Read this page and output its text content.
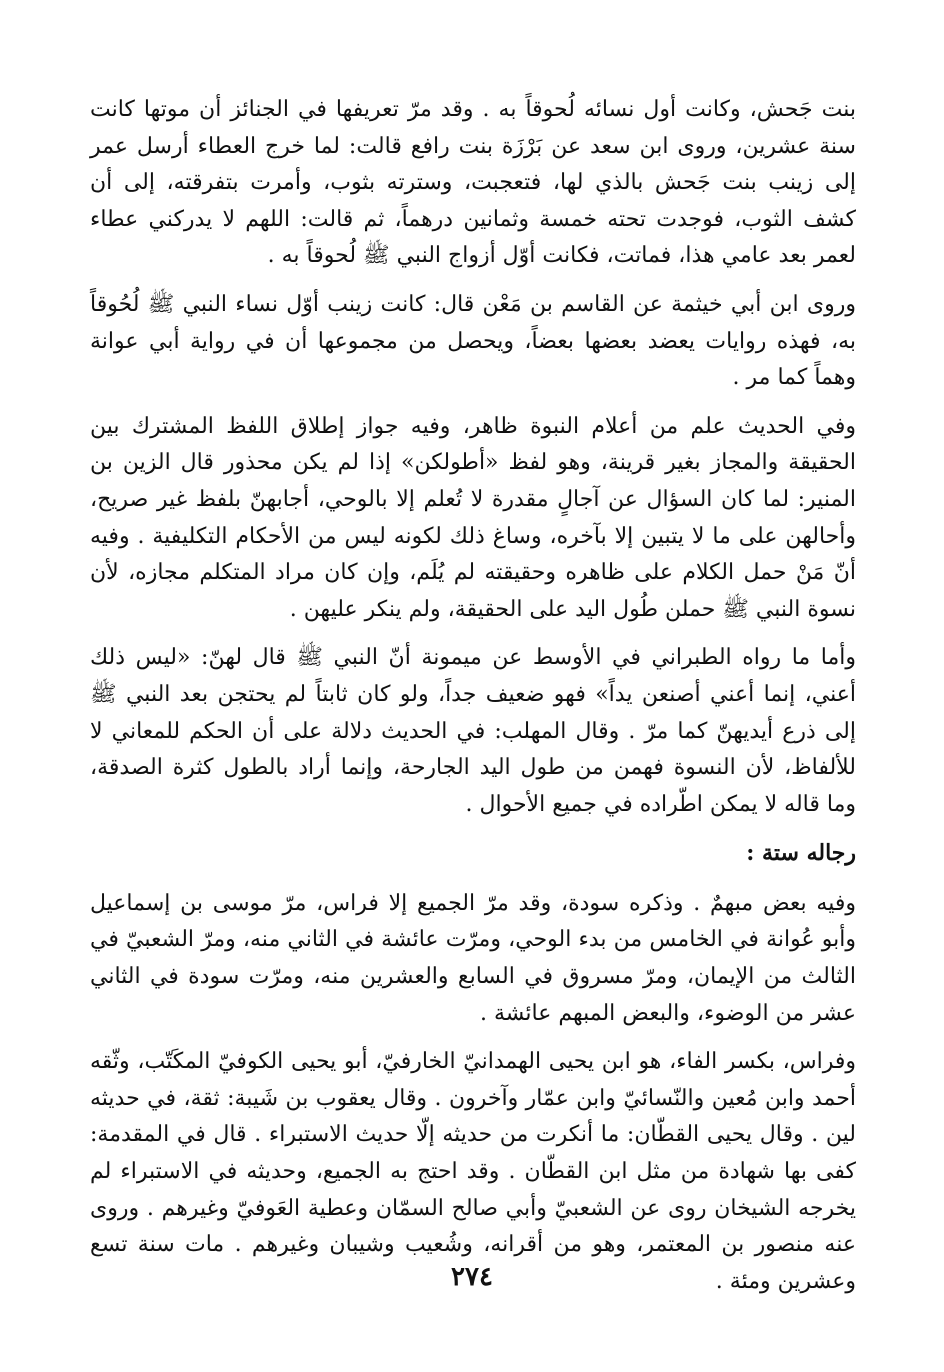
بنت جَحش، وكانت أول نسائه لُحوقاً به . وقد مرّ تعريفها في الجنائز أن موتها كانت سنة عشرين، وروى ابن سعد عن بَرْزَة بنت رافع قالت: لما خرج العطاء أرسل عمر إلى زينب بنت جَحش بالذي لها، فتعجبت، وسترته بثوب، وأمرت بتفرقته، إلى أن كشف الثوب، فوجدت تحته خمسة وثمانين درهماً، ثم قالت: اللهم لا يدركني عطاء لعمر بعد عامي هذا، فماتت، فكانت أوّل أزواج النبي ﷺ لُحوقاً به .

وروى ابن أبي خيثمة عن القاسم بن مَعْن قال: كانت زينب أوّل نساء النبي ﷺ لُحُوقاً به، فهذه روايات يعضد بعضها بعضاً، ويحصل من مجموعها أن في رواية أبي عوانة وهماً كما مر .

وفي الحديث علم من أعلام النبوة ظاهر، وفيه جواز إطلاق اللفظ المشترك بين الحقيقة والمجاز بغير قرينة، وهو لفظ «أطولكن» إذا لم يكن محذور قال الزين بن المنير: لما كان السؤال عن آجالٍ مقدرة لا تُعلم إلا بالوحي، أجابهنّ بلفظ غير صريح، وأحالهن على ما لا يتبين إلا بآخره، وساغ ذلك لكونه ليس من الأحكام التكليفية . وفيه أنّ مَنْ حمل الكلام على ظاهره وحقيقته لم يُلَم، وإن كان مراد المتكلم مجازه، لأن نسوة النبي ﷺ حملن طُول اليد على الحقيقة، ولم ينكر عليهن .

وأما ما رواه الطبراني في الأوسط عن ميمونة أنّ النبي ﷺ قال لهنّ: «ليس ذلك أعني، إنما أعني أصنعن يداً» فهو ضعيف جداً، ولو كان ثابتاً لم يحتجن بعد النبي ﷺ إلى ذرع أيديهنّ كما مرّ . وقال المهلب: في الحديث دلالة على أن الحكم للمعاني لا للألفاظ، لأن النسوة فهمن من طول اليد الجارحة، وإنما أراد بالطول كثرة الصدقة، وما قاله لا يمكن اطّراده في جميع الأحوال .

رجاله ستة :

وفيه بعض مبهمٌ . وذكره سودة، وقد مرّ الجميع إلا فراس، مرّ موسى بن إسماعيل وأبو عُوانة في الخامس من بدء الوحي، ومرّت عائشة في الثاني منه، ومرّ الشعبيّ في الثالث من الإيمان، ومرّ مسروق في السابع والعشرين منه، ومرّت سودة في الثاني عشر من الوضوء، والبعض المبهم عائشة .

وفراس، بكسر الفاء، هو ابن يحيى الهمدانيّ الخارفيّ، أبو يحيى الكوفيّ المكَتّب، وثّقه أحمد وابن مُعين والنّسائيّ وابن عمّار وآخرون . وقال يعقوب بن شَيبة: ثقة، في حديثه لين . وقال يحيى القطّان: ما أنكرت من حديثه إلّا حديث الاستبراء . قال في المقدمة: كفى بها شهادة من مثل ابن القطّان . وقد احتج به الجميع، وحديثه في الاستبراء لم يخرجه الشيخان روى عن الشعبيّ وأبي صالح السمّان وعطية العَوفيّ وغيرهم . وروى عنه منصور بن المعتمر، وهو من أقرانه، وشُعيب وشيبان وغيرهم . مات سنة تسع وعشرين ومئة .

٢٧٤
